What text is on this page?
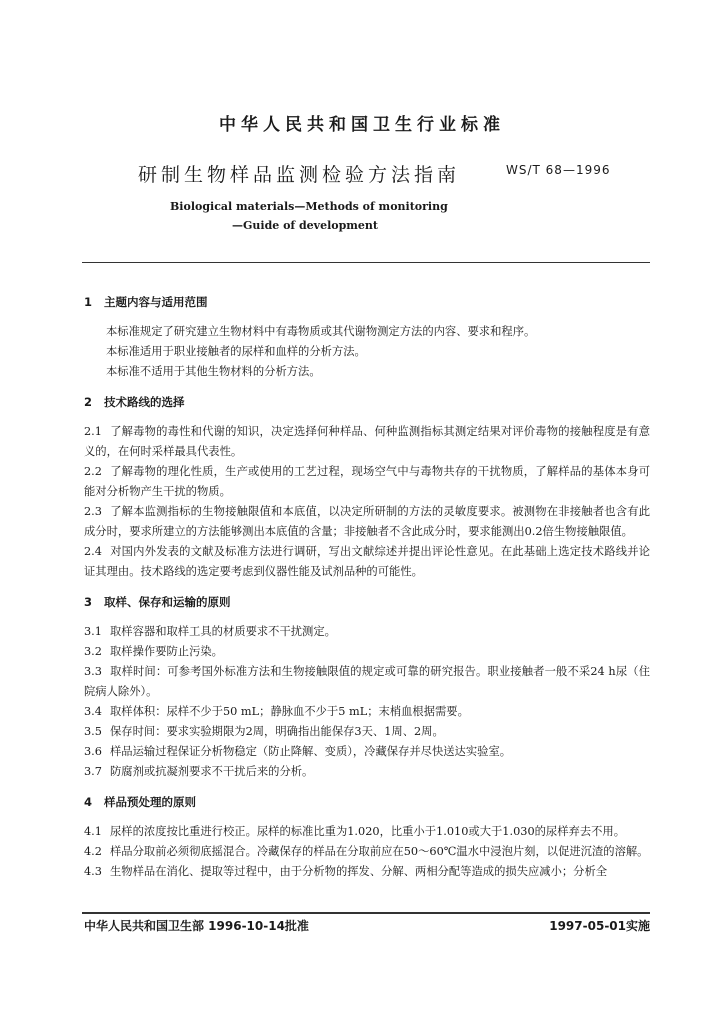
中华人民共和国卫生行业标准
研制生物样品监测检验方法指南	WS/T 68—1996
Biological materials—Methods of monitoring
—Guide of development
1 主题内容与适用范围

本标准规定了研究建立生物材料中有毒物质或其代谢物测定方法的内容、要求和程序。

本标准适用于职业接触者的尿样和血样的分析方法。

本标准不适用于其他生物材料的分析方法。

2 技术路线的选择

2.1 了解毒物的毒性和代谢的知识，决定选择何种样品、何种监测指标其测定结果对评价毒物的接触程度是有意义的，在何时采样最具代表性。

2.2 了解毒物的理化性质，生产或使用的工艺过程，现场空气中与毒物共存的干扰物质，了解样品的基体本身可能对分析物产生干扰的物质。

2.3 了解本监测指标的生物接触限值和本底值，以决定所研制的方法的灵敏度要求。被测物在非接触者也含有此成分时，要求所建立的方法能够测出本底值的含量；非接触者不含此成分时，要求能测出0.2倍生物接触限值。

2.4 对国内外发表的文献及标准方法进行调研，写出文献综述并提出评论性意见。在此基础上选定技术路线并论证其理由。技术路线的选定要考虑到仪器性能及试剂品种的可能性。

3 取样、保存和运输的原则

3.1 取样容器和取样工具的材质要求不干扰测定。

3.2 取样操作要防止污染。

3.3 取样时间：可参考国外标准方法和生物接触限值的规定或可靠的研究报告。职业接触者一般不采24 h尿（住院病人除外）。

3.4 取样体积：尿样不少于50 mL；静脉血不少于5 mL；末梢血根据需要。

3.5 保存时间：要求实验期限为2周，明确指出能保存3天、1周、2周。

3.6 样品运输过程保证分析物稳定（防止降解、变质），冷藏保存并尽快送达实验室。

3.7 防腐剂或抗凝剂要求不干扰后来的分析。

4 样品预处理的原则

4.1 尿样的浓度按比重进行校正。尿样的标准比重为1.020，比重小于1.010或大于1.030的尿样弃去不用。

4.2 样品分取前必须彻底摇混合。冷藏保存的样品在分取前应在50～60℃温水中浸泡片刻，以促进沉渣的溶解。

4.3 生物样品在消化、提取等过程中，由于分析物的挥发、分解、两相分配等造成的损失应减小；分析全

中华人民共和国卫生部 1996-10-14批准	1997-05-01实施
